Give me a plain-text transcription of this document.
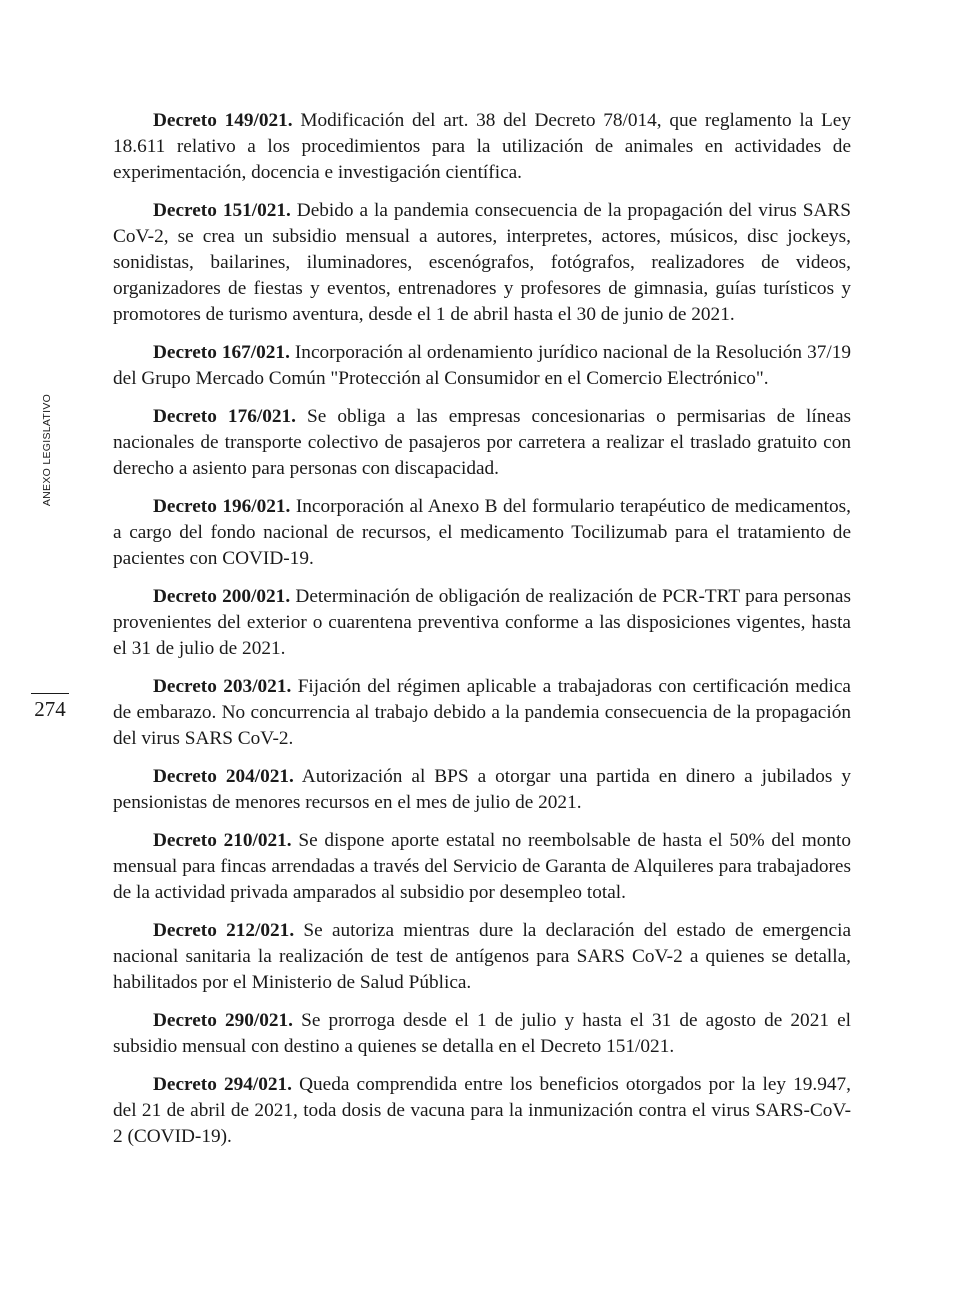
ANEXO LEGISLATIVO
274

Decreto 149/021. Modificación del art. 38 del Decreto 78/014, que reglamento la Ley 18.611 relativo a los procedimientos para la utilización de animales en actividades de experimentación, docencia e investigación científica.

Decreto 151/021. Debido a la pandemia consecuencia de la propagación del virus SARS CoV-2, se crea un subsidio mensual a autores, interpretes, actores, músicos, disc jockeys, sonidistas, bailarines, iluminadores, escenógrafos, fotógrafos, realizadores de videos, organizadores de fiestas y eventos, entrenadores y profesores de gimnasia, guías turísticos y promotores de turismo aventura, desde el 1 de abril hasta el 30 de junio de 2021.

Decreto 167/021. Incorporación al ordenamiento jurídico nacional de la Resolución 37/19 del Grupo Mercado Común "Protección al Consumidor en el Comercio Electrónico".

Decreto 176/021. Se obliga a las empresas concesionarias o permisarias de líneas nacionales de transporte colectivo de pasajeros por carretera a realizar el traslado gratuito con derecho a asiento para personas con discapacidad.

Decreto 196/021. Incorporación al Anexo B del formulario terapéutico de medicamentos, a cargo del fondo nacional de recursos, el medicamento Tocilizumab para el tratamiento de pacientes con COVID-19.

Decreto 200/021. Determinación de obligación de realización de PCR-TRT para personas provenientes del exterior o cuarentena preventiva conforme a las disposiciones vigentes, hasta el 31 de julio de 2021.

Decreto 203/021. Fijación del régimen aplicable a trabajadoras con certificación medica de embarazo. No concurrencia al trabajo debido a la pandemia consecuencia de la propagación del virus SARS CoV-2.

Decreto 204/021. Autorización al BPS a otorgar una partida en dinero a jubilados y pensionistas de menores recursos en el mes de julio de 2021.

Decreto 210/021. Se dispone aporte estatal no reembolsable de hasta el 50% del monto mensual para fincas arrendadas a través del Servicio de Garanta de Alquileres para trabajadores de la actividad privada amparados al subsidio por desempleo total.

Decreto 212/021. Se autoriza mientras dure la declaración del estado de emergencia nacional sanitaria la realización de test de antígenos para SARS CoV-2 a quienes se detalla, habilitados por el Ministerio de Salud Pública.

Decreto 290/021. Se prorroga desde el 1 de julio y hasta el 31 de agosto de 2021 el subsidio mensual con destino a quienes se detalla en el Decreto 151/021.

Decreto 294/021. Queda comprendida entre los beneficios otorgados por la ley 19.947, del 21 de abril de 2021, toda dosis de vacuna para la inmunización contra el virus SARS-CoV-2 (COVID-19).
